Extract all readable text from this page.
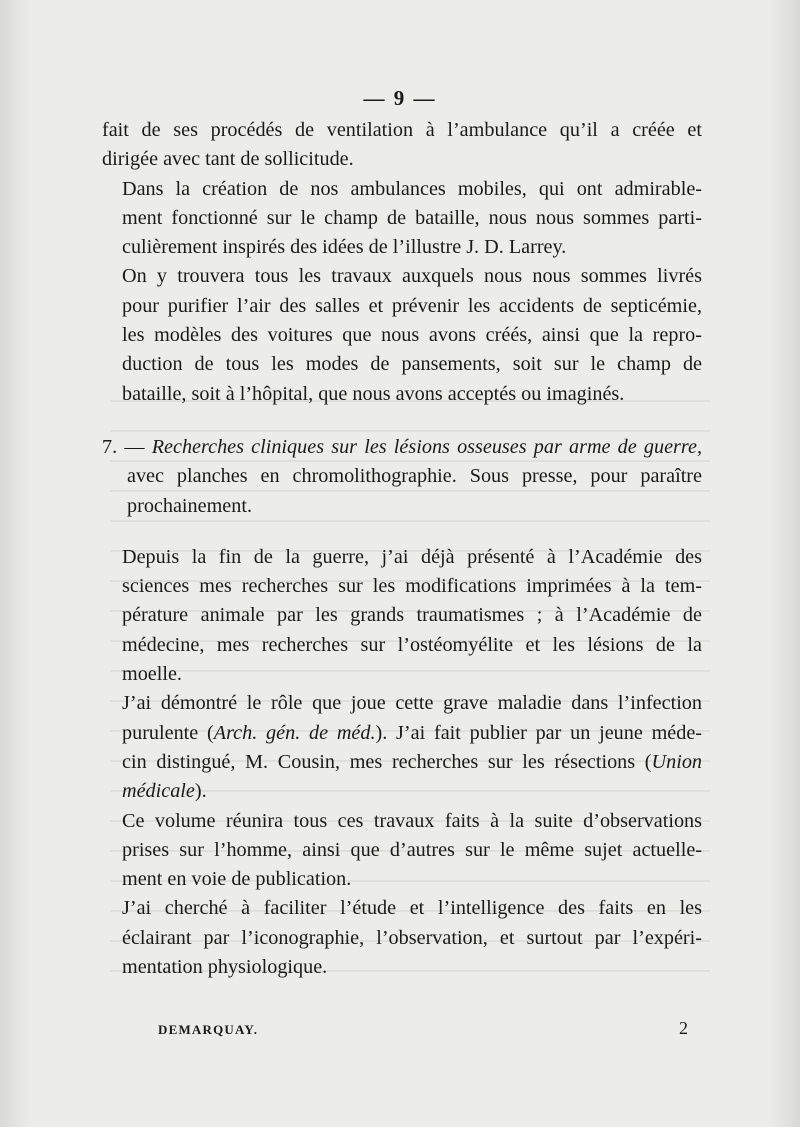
— 9 —

fait de ses procédés de ventilation à l’ambulance qu’il a créée et
dirigée avec tant de sollicitude.

Dans la création de nos ambulances mobiles, qui ont admirable-
ment fonctionné sur le champ de bataille, nous nous sommes parti-
culièrement inspirés des idées de l’illustre J. D. Larrey.

On y trouvera tous les travaux auxquels nous nous sommes livrés
pour purifier l’air des salles et prévenir les accidents de septicémie,
les modèles des voitures que nous avons créés, ainsi que la repro-
duction de tous les modes de pansements, soit sur le champ de
bataille, soit à l’hôpital, que nous avons acceptés ou imaginés.

7. — Recherches cliniques sur les lésions osseuses par arme de guerre,
avec planches en chromolithographie. Sous presse, pour paraître
prochainement.

Depuis la fin de la guerre, j’ai déjà présenté à l’Académie des
sciences mes recherches sur les modifications imprimées à la tem-
pérature animale par les grands traumatismes ; à l’Académie de
médecine, mes recherches sur l’ostéomyélite et les lésions de la
moelle.

J’ai démontré le rôle que joue cette grave maladie dans l’infection
purulente (Arch. gén. de méd.). J’ai fait publier par un jeune méde-
cin distingué, M. Cousin, mes recherches sur les résections (Union
médicale).

Ce volume réunira tous ces travaux faits à la suite d’observations
prises sur l’homme, ainsi que d’autres sur le même sujet actuelle-
ment en voie de publication.

J’ai cherché à faciliter l’étude et l’intelligence des faits en les
éclairant par l’iconographie, l’observation, et surtout par l’expéri-
mentation physiologique.

DEMARQUAY.	2
